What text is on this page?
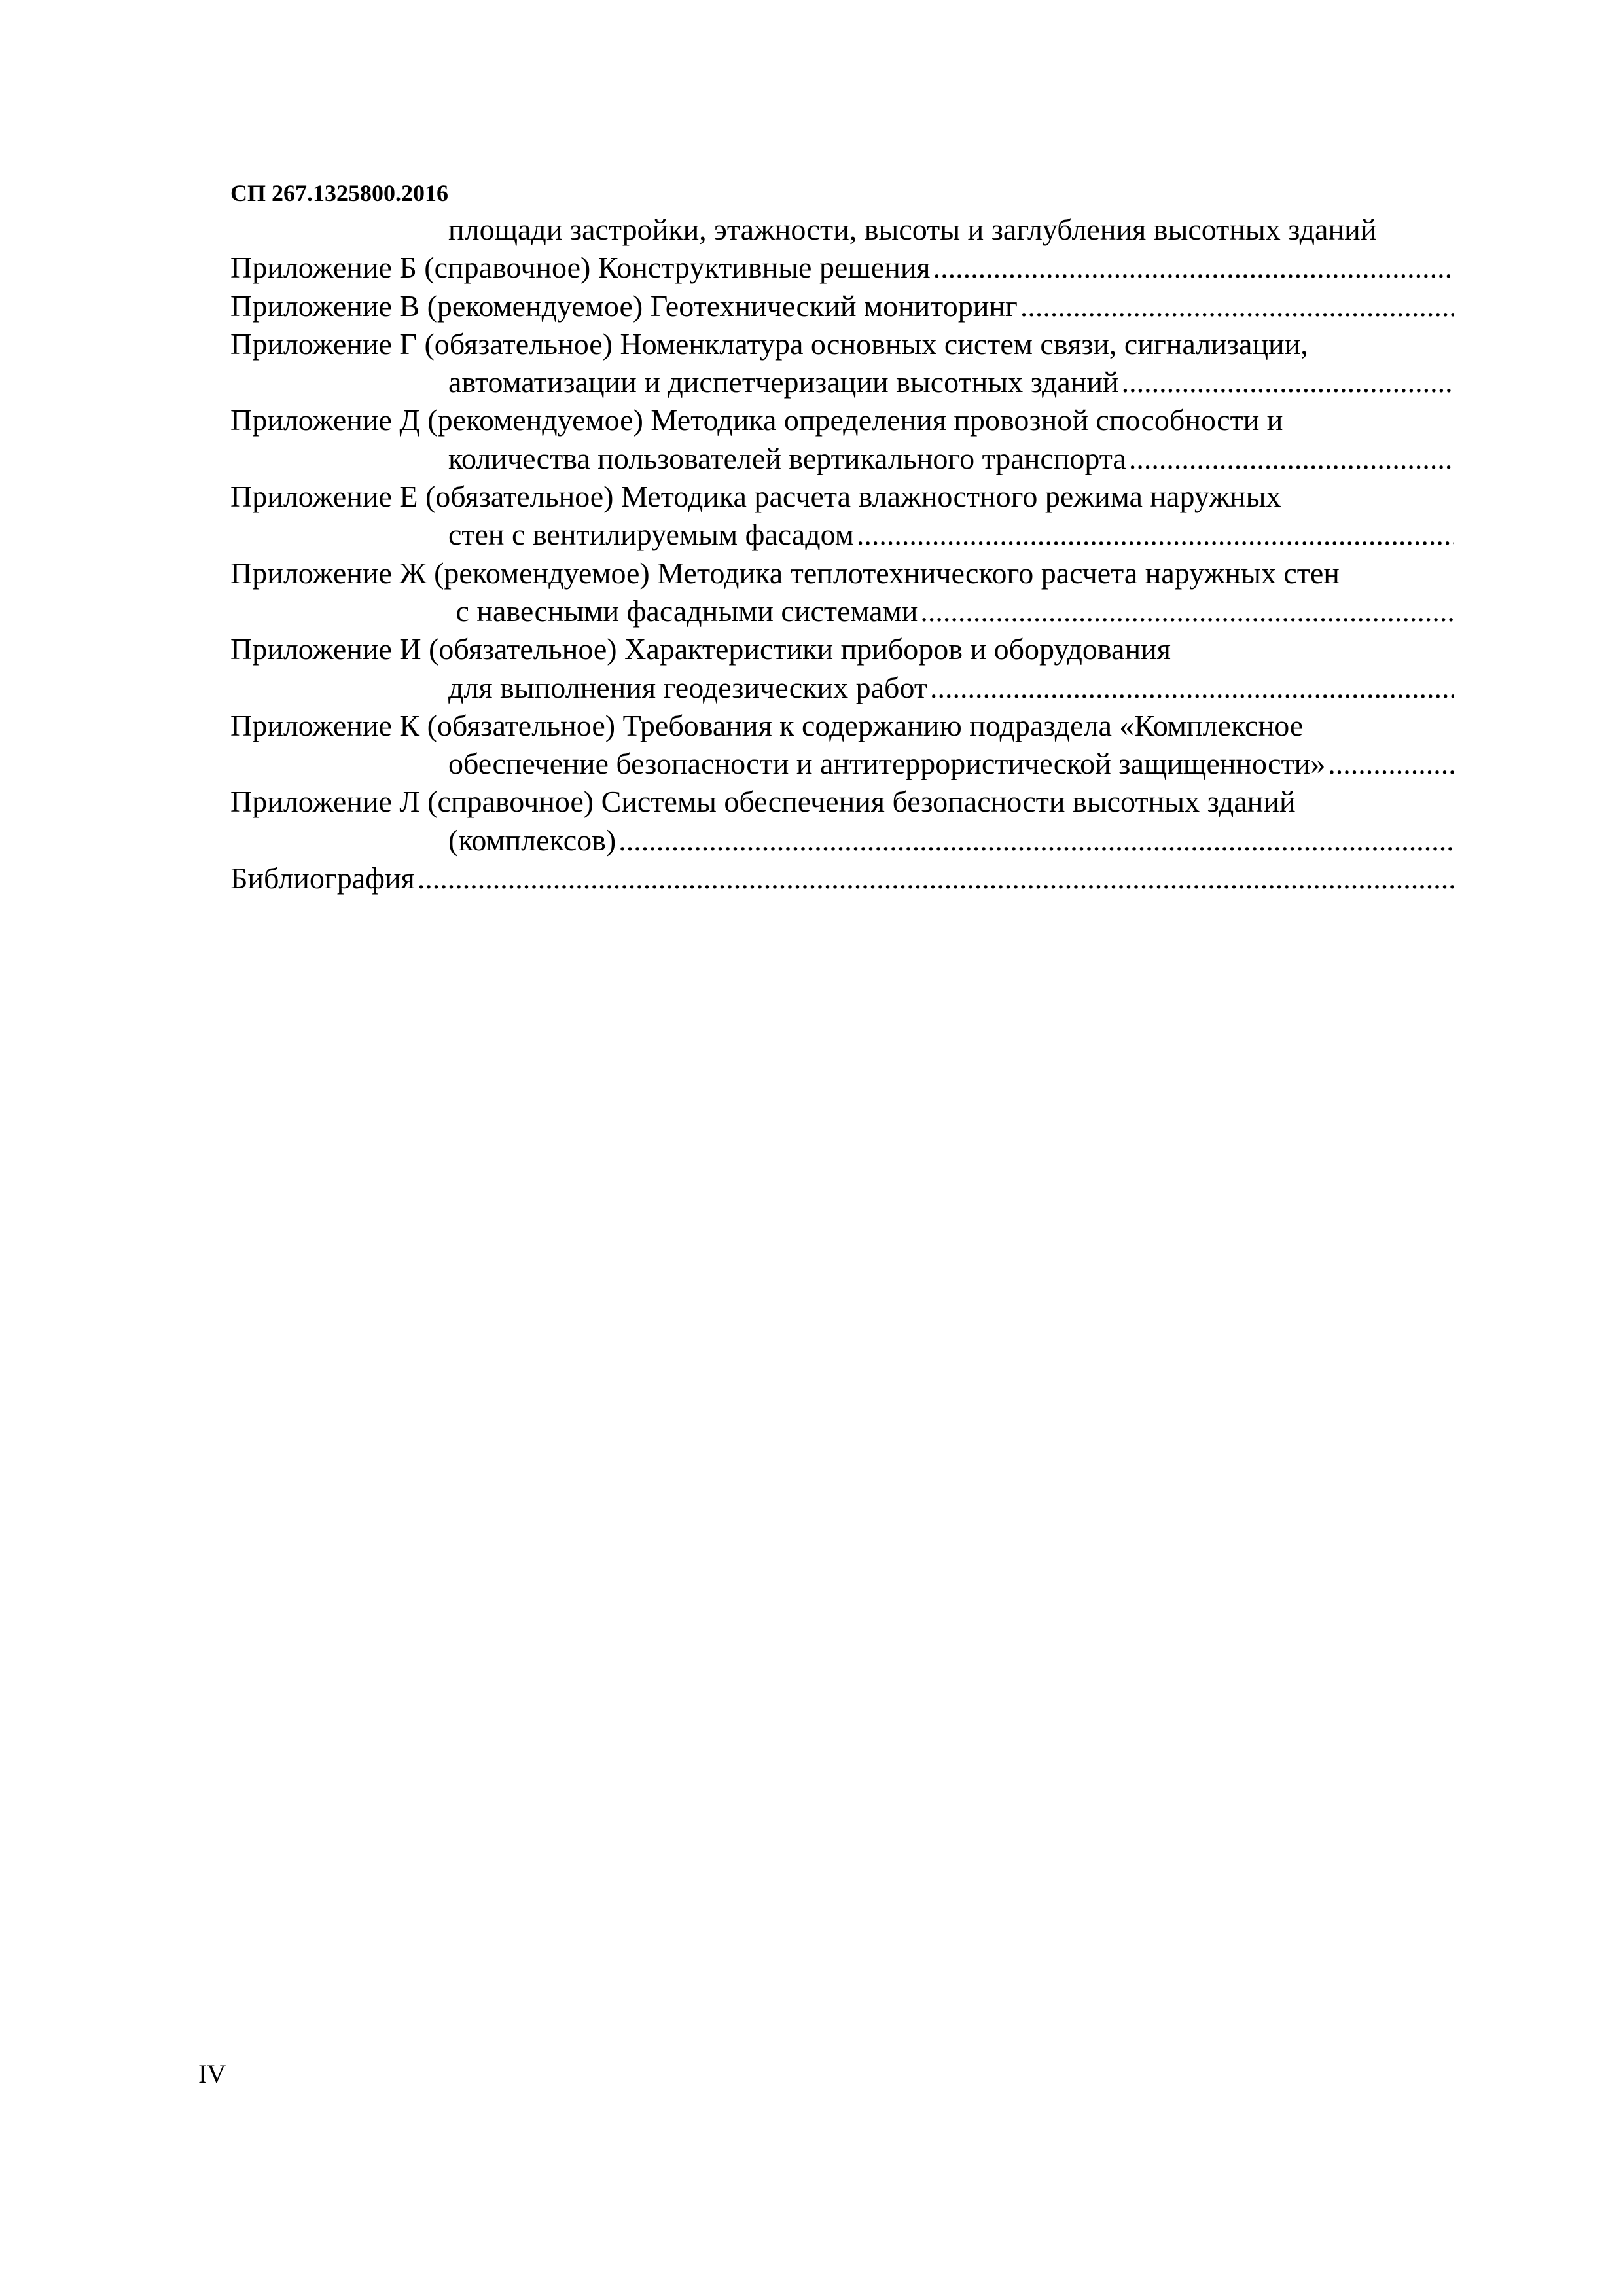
СП 267.1325800.2016
площади застройки, этажности, высоты и заглубления высотных зданий
Приложение Б (справочное) Конструктивные решения
.....
Приложение В (рекомендуемое) Геотехнический мониторинг
.....
Приложение Г (обязательное) Номенклатура основных систем связи, сигнализации,
автоматизации и диспетчеризации высотных зданий
.....
Приложение Д (рекомендуемое) Методика определения провозной способности и
количества пользователей вертикального транспорта
.....
Приложение Е (обязательное) Методика расчета влажностного режима наружных
стен с вентилируемым фасадом
.....
Приложение Ж (рекомендуемое) Методика теплотехнического расчета наружных стен
с навесными фасадными системами
.....
Приложение И (обязательное) Характеристики приборов и оборудования
для выполнения геодезических работ
.....
Приложение К (обязательное) Требования к содержанию подраздела «Комплексное
обеспечение безопасности и антитеррористической защищенности»
.....
Приложение Л (справочное) Системы обеспечения безопасности высотных зданий
(комплексов)
.....
Библиография
.....
IV
